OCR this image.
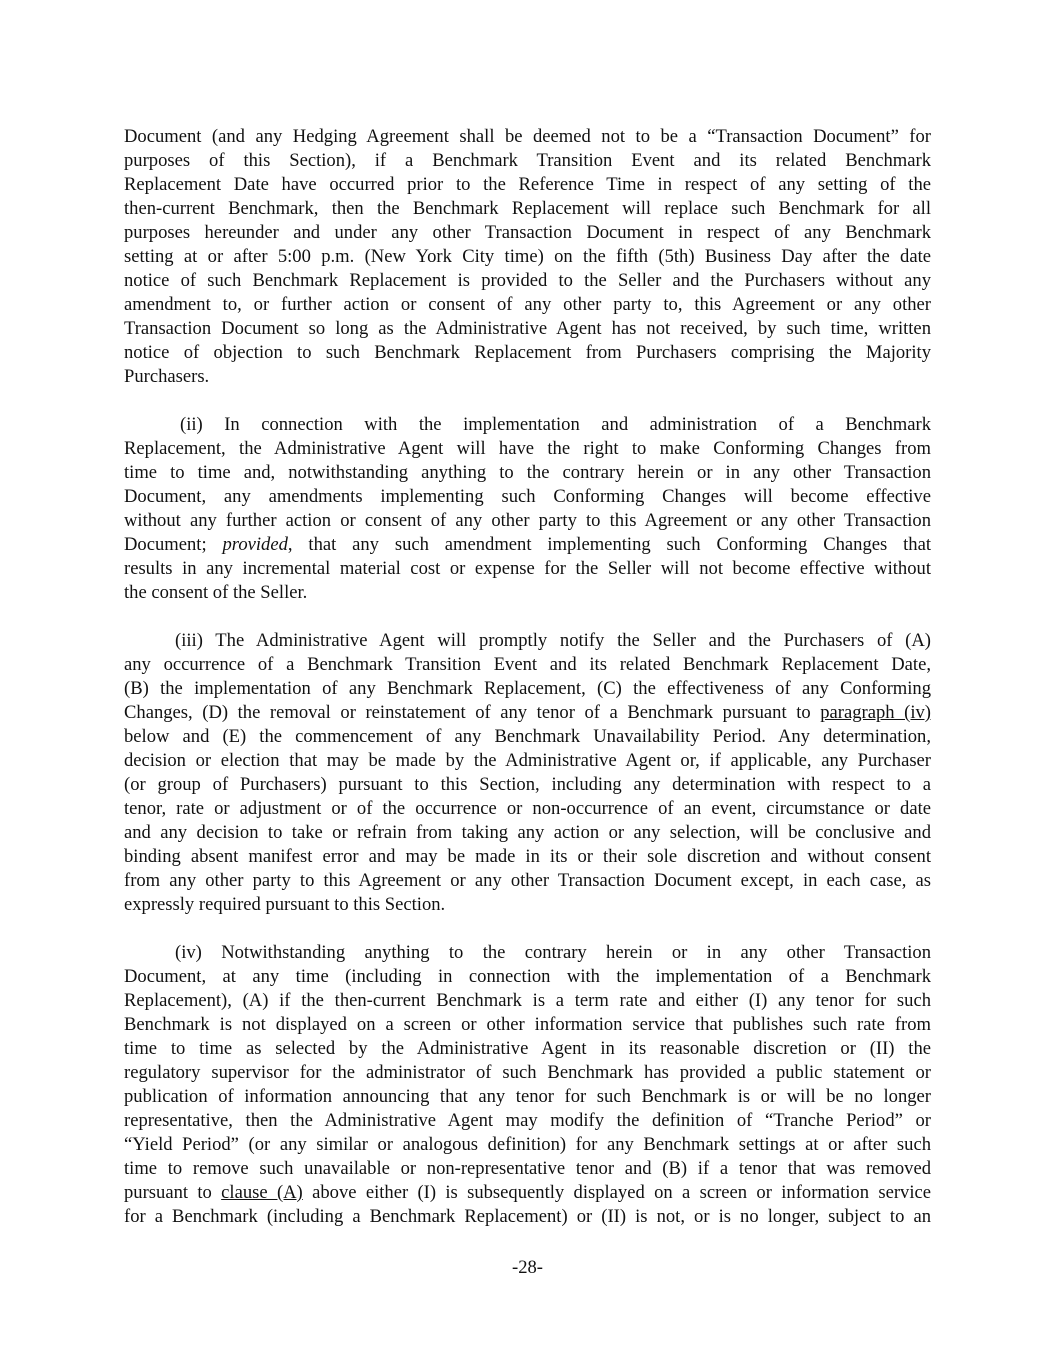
Document (and any Hedging Agreement shall be deemed not to be a “Transaction Document” for
purposes of this Section), if a Benchmark Transition Event and its related Benchmark
Replacement Date have occurred prior to the Reference Time in respect of any setting of the
then-current Benchmark, then the Benchmark Replacement will replace such Benchmark for all
purposes hereunder and under any other Transaction Document in respect of any Benchmark
setting at or after 5:00 p.m. (New York City time) on the fifth (5th) Business Day after the date
notice of such Benchmark Replacement is provided to the Seller and the Purchasers without any
amendment to, or further action or consent of any other party to, this Agreement or any other
Transaction Document so long as the Administrative Agent has not received, by such time, written
notice of objection to such Benchmark Replacement from Purchasers comprising the Majority
Purchasers.
(ii) In connection with the implementation and administration of a Benchmark
Replacement, the Administrative Agent will have the right to make Conforming Changes from
time to time and, notwithstanding anything to the contrary herein or in any other Transaction
Document, any amendments implementing such Conforming Changes will become effective
without any further action or consent of any other party to this Agreement or any other Transaction
Document; provided, that any such amendment implementing such Conforming Changes that
results in any incremental material cost or expense for the Seller will not become effective without
the consent of the Seller.
(iii) The Administrative Agent will promptly notify the Seller and the Purchasers of (A)
any occurrence of a Benchmark Transition Event and its related Benchmark Replacement Date,
(B) the implementation of any Benchmark Replacement, (C) the effectiveness of any Conforming
Changes, (D) the removal or reinstatement of any tenor of a Benchmark pursuant to paragraph (iv)
below and (E) the commencement of any Benchmark Unavailability Period. Any determination,
decision or election that may be made by the Administrative Agent or, if applicable, any Purchaser
(or group of Purchasers) pursuant to this Section, including any determination with respect to a
tenor, rate or adjustment or of the occurrence or non-occurrence of an event, circumstance or date
and any decision to take or refrain from taking any action or any selection, will be conclusive and
binding absent manifest error and may be made in its or their sole discretion and without consent
from any other party to this Agreement or any other Transaction Document except, in each case, as
expressly required pursuant to this Section.
(iv) Notwithstanding anything to the contrary herein or in any other Transaction
Document, at any time (including in connection with the implementation of a Benchmark
Replacement), (A) if the then-current Benchmark is a term rate and either (I) any tenor for such
Benchmark is not displayed on a screen or other information service that publishes such rate from
time to time as selected by the Administrative Agent in its reasonable discretion or (II) the
regulatory supervisor for the administrator of such Benchmark has provided a public statement or
publication of information announcing that any tenor for such Benchmark is or will be no longer
representative, then the Administrative Agent may modify the definition of “Tranche Period” or
“Yield Period” (or any similar or analogous definition) for any Benchmark settings at or after such
time to remove such unavailable or non-representative tenor and (B) if a tenor that was removed
pursuant to clause (A) above either (I) is subsequently displayed on a screen or information service
for a Benchmark (including a Benchmark Replacement) or (II) is not, or is no longer, subject to an
-28-
